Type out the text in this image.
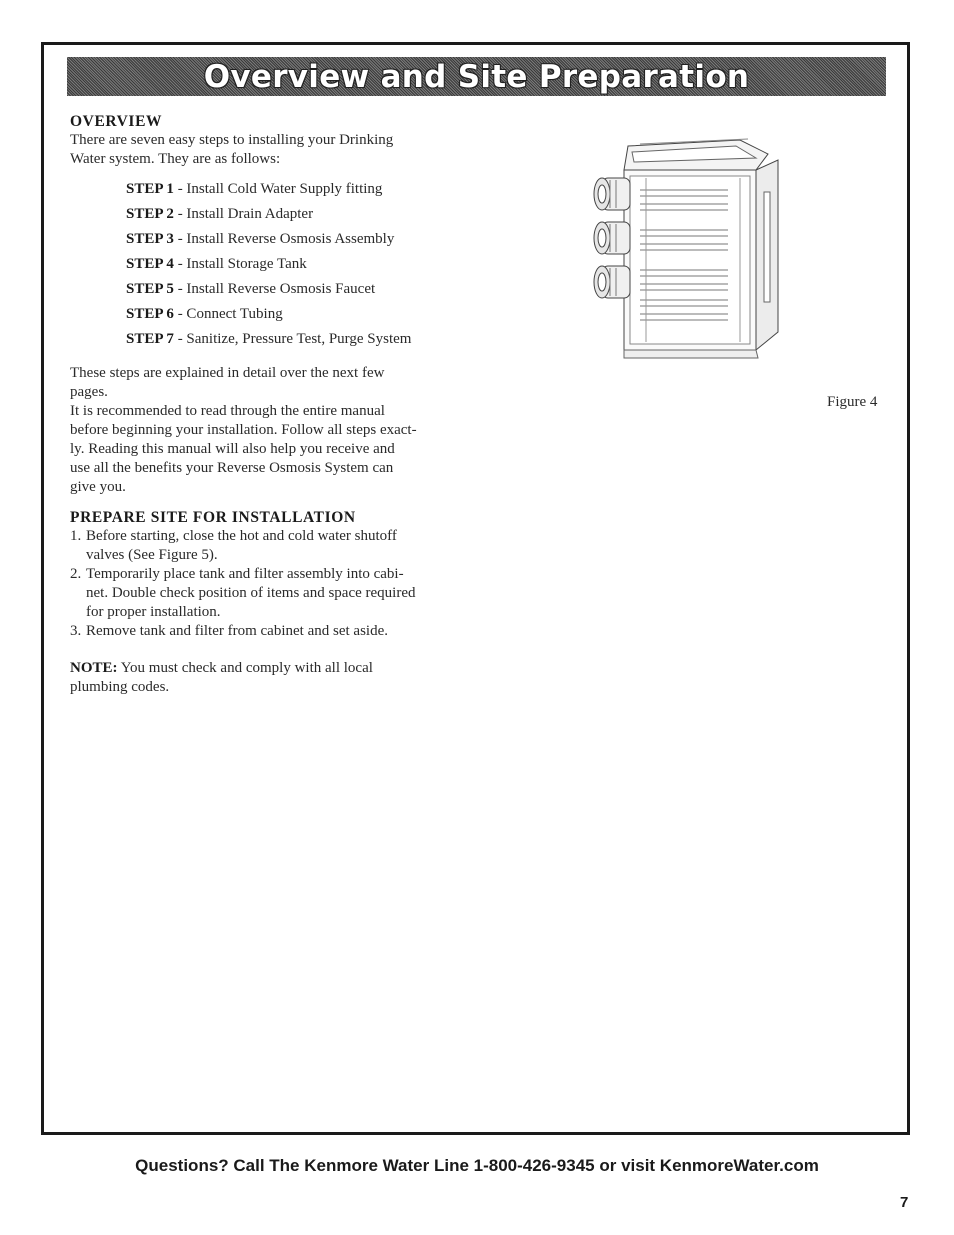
Overview and Site Preparation
OVERVIEW

There are seven easy steps to installing your Drinking
Water system. They are as follows:

STEP 1 - Install Cold Water Supply fitting
STEP 2 - Install Drain Adapter
STEP 3 - Install Reverse Osmosis Assembly
STEP 4 - Install Storage Tank
STEP 5 - Install Reverse Osmosis Faucet
STEP 6 - Connect Tubing
STEP 7 - Sanitize, Pressure Test, Purge System

These steps are explained in detail over the next few
pages.
It is recommended to read through the entire manual
before beginning your installation. Follow all steps exact-
ly. Reading this manual will also help you receive and
use all the benefits your Reverse Osmosis System can
give you.

PREPARE SITE FOR INSTALLATION
1. Before starting, close the hot and cold water shutoff
valves (See Figure 5).
2. Temporarily place tank and filter assembly into cabi-
net. Double check position of items and space required
for proper installation.
3. Remove tank and filter from cabinet and set aside.

NOTE: You must check and comply with all local
plumbing codes.

Figure 4
Questions? Call The Kenmore Water Line 1-800-426-9345 or visit KenmoreWater.com
7
